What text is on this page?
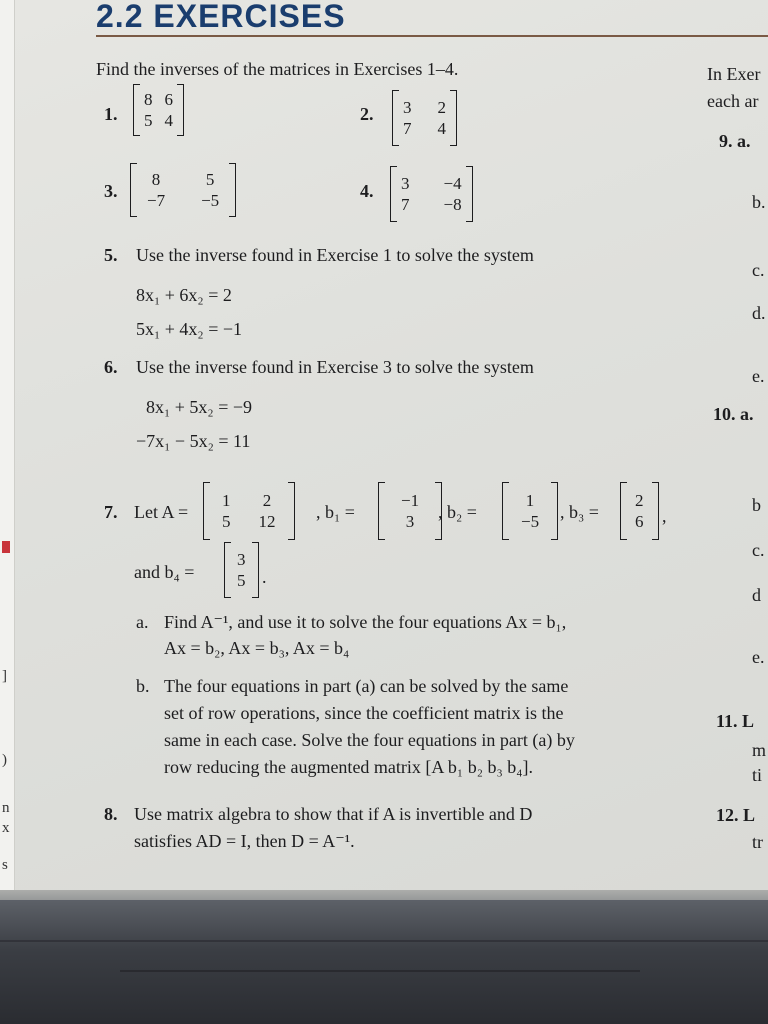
]
)
n
x
s
2.2 EXERCISES
Find the inverses of the matrices in Exercises 1–4.
1.
8 6
5 4	2. 3 2
7 4
3.
8	5
−7 −5	4. 3 −4
7 −8
5. Use the inverse found in Exercise 1 to solve the system
8x₁ + 6x₂ = 2
5x₁ + 4x₂ = −1
6. Use the inverse found in Exercise 3 to solve the system
8x₁ + 5x₂ = −9
−7x₁ − 5x₂ = 11
7. Let A =
1 2
5 12 , b₁ =
−1
3 , b₂ =
1
−5 , b₃ =
2
6 ,
and b₄ =
3
5 .
a. Find A⁻¹, and use it to solve the four equations Ax = b₁,
Ax = b₂, Ax = b₃, Ax = b₄
b. The four equations in part (a) can be solved by the same
set of row operations, since the coefficient matrix is the
same in each case. Solve the four equations in part (a) by
row reducing the augmented matrix [A b₁ b₂ b₃ b₄].
8. Use matrix algebra to show that if A is invertible and D
satisfies AD = I, then D = A⁻¹.
In Exer
each ar
9. a.
b.
c.
d.
e.
10. a.
b
c.
d
e.
11. L
m
ti
12. L
tr
